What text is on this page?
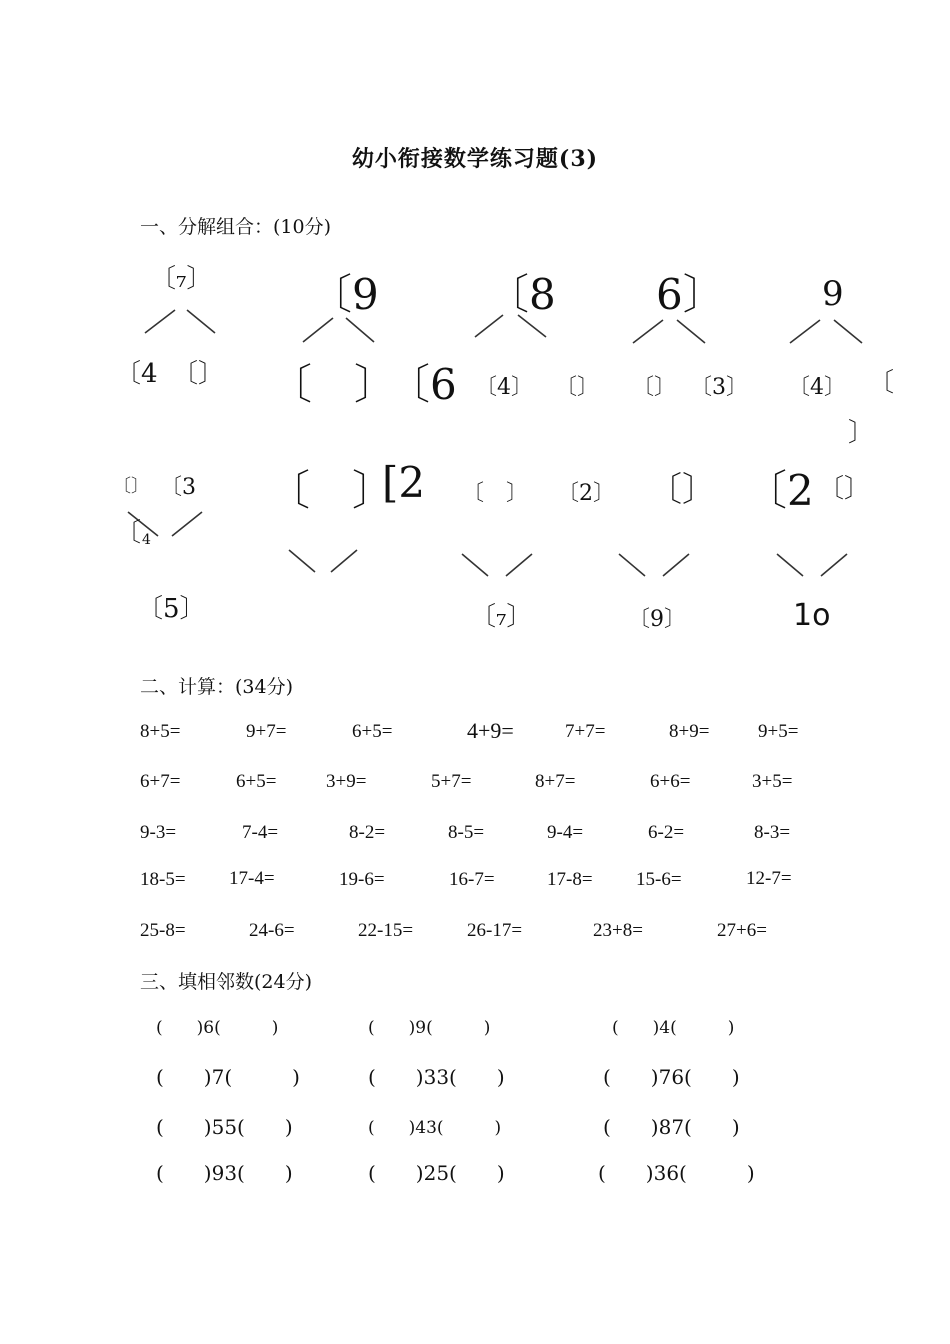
幼小衔接数学练习题(3)
一、分解组合：(10分)
〔₇〕
〔4 〔〕
〔9
〔　〕
〔6
〔8
〔4〕 〔〕
6〕
〔〕 〔3〕
9
〔4〕 〔
〕
〔〕 〔3
〔 4
〔5〕
〔　〕
[2 〔　〕 〔2〕
〔₇〕
〔〕
〔9〕
〔2 〔〕
1o
二、计算：(34分)
8+5=	9+7=	6+5=	4+9=	7+7=	8+9=	9+5=
6+7=	6+5=	3+9=	5+7=	8+7=	6+6=	3+5=
9-3=	7-4=	8-2=	8-5=	9-4=	6-2=	8-3=
18-5= 17-4=	19-6=	16-7=	17-8= 15-6=	12-7=
25-8=	24-6=	22-15=	26-17=	23+8=	27+6=
三、填相邻数(24分)
(　　)6(　　　)	(　　)9(　　　)	(　　)4(　　　)
(　　)7(　　　)	(　　)33(　　)	(　　)76(　　)
(　　)55(　　)	(　　)43(　　　)	(　　)87(　　)
(　　)93(　　)	(　　)25(　　)	(　　)36(　　　)
